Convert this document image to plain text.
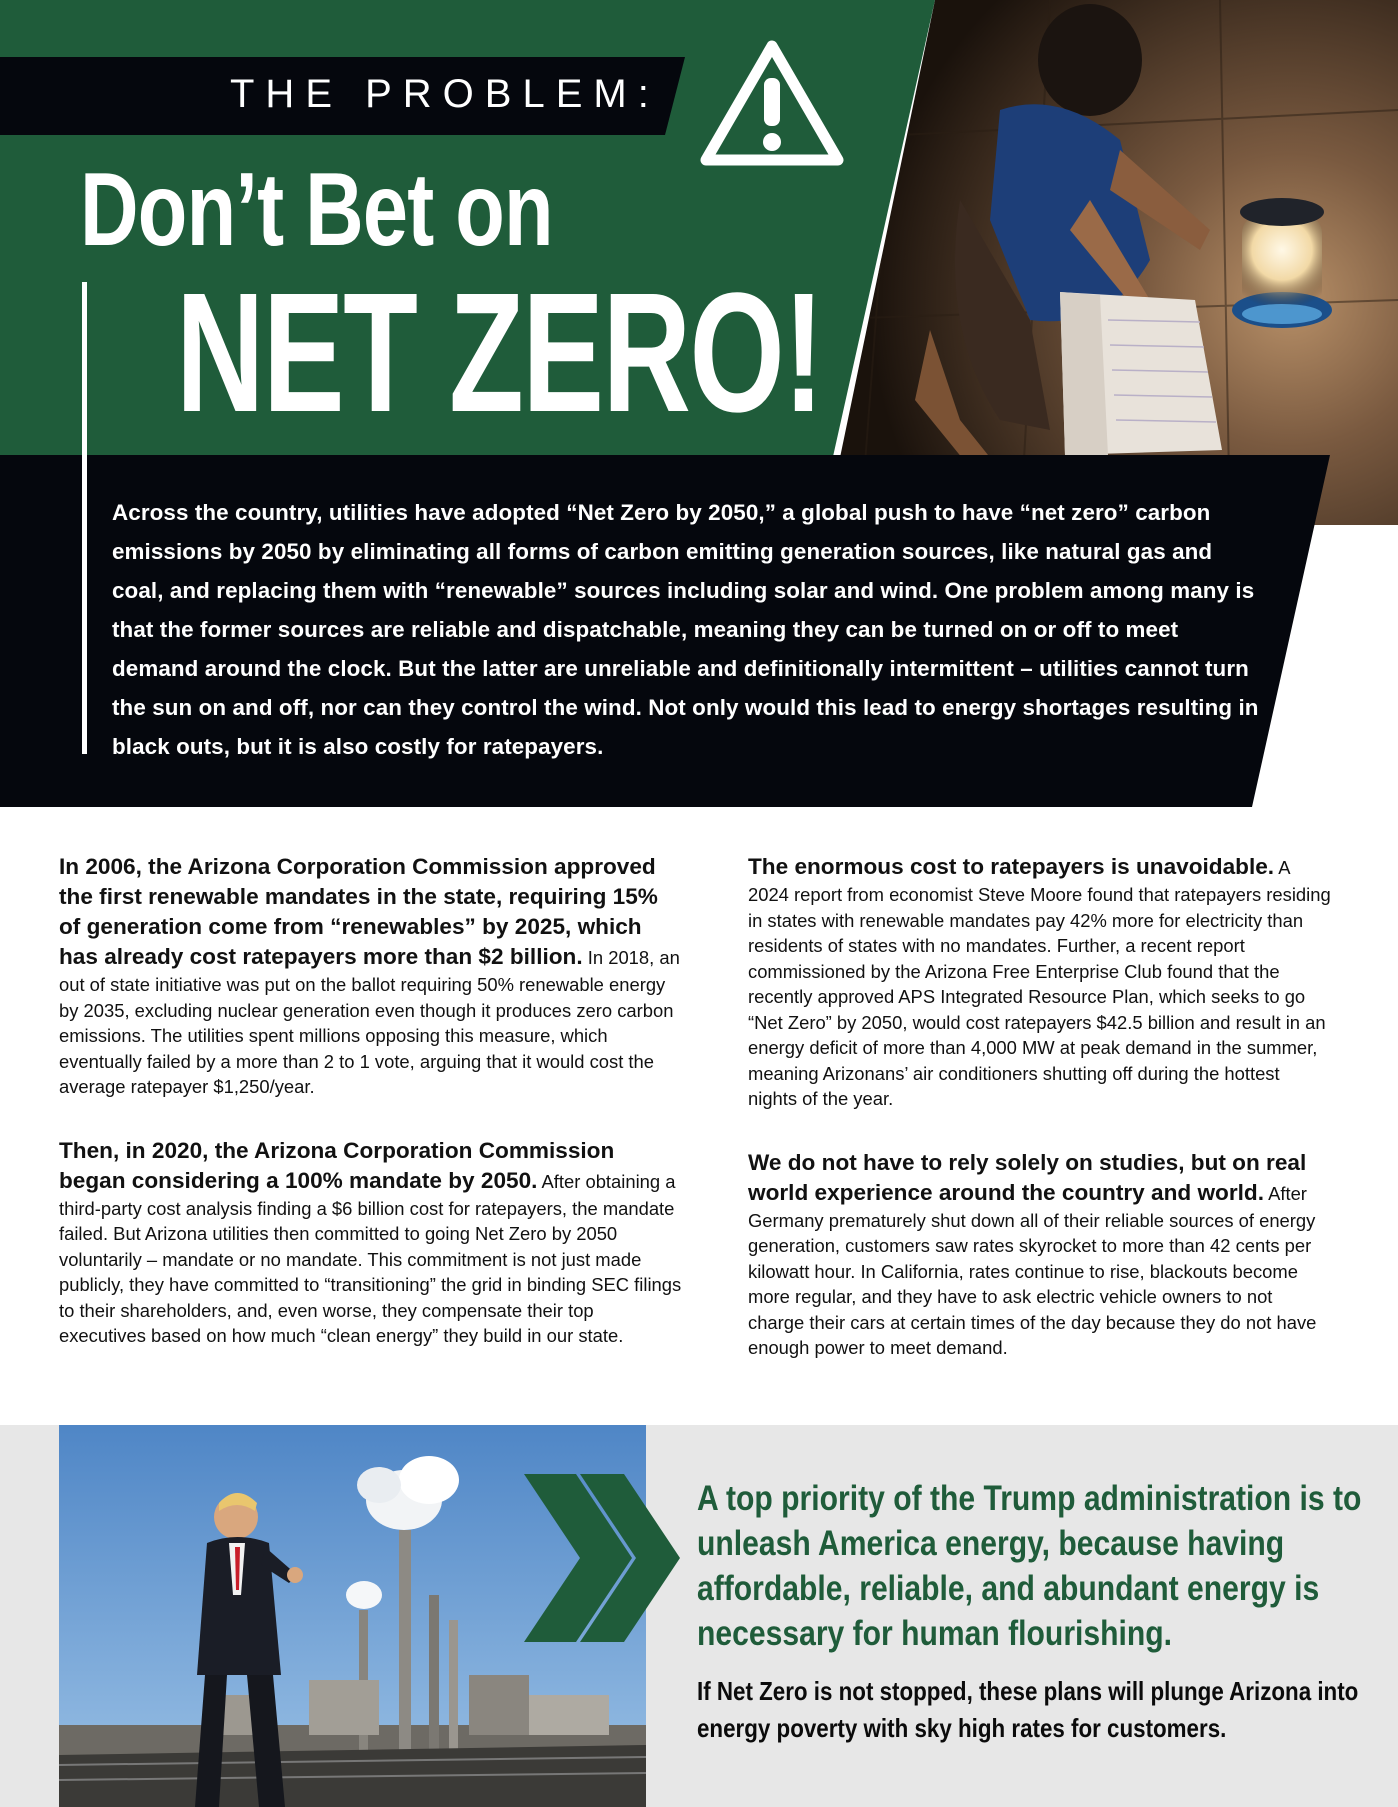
THE PROBLEM:
Don’t Bet on
NET ZERO!
Across the country, utilities have adopted “Net Zero by 2050,” a global push to have “net zero” carbon emissions by 2050 by eliminating all forms of carbon emitting generation sources, like natural gas and coal, and replacing them with “renewable” sources including solar and wind. One problem among many is that the former sources are reliable and dispatchable, meaning they can be turned on or off to meet demand around the clock. But the latter are unreliable and definitionally intermittent – utilities cannot turn the sun on and off, nor can they control the wind. Not only would this lead to energy shortages resulting in black outs, but it is also costly for ratepayers.

In 2006, the Arizona Corporation Commission approved the first renewable mandates in the state, requiring 15% of generation come from “renewables” by 2025, which has already cost ratepayers more than $2 billion. In 2018, an out of state initiative was put on the ballot requiring 50% renewable energy by 2035, excluding nuclear generation even though it produces zero carbon emissions. The utilities spent millions opposing this measure, which eventually failed by a more than 2 to 1 vote, arguing that it would cost the average ratepayer $1,250/year.

Then, in 2020, the Arizona Corporation Commission began considering a 100% mandate by 2050. After obtaining a third-party cost analysis finding a $6 billion cost for ratepayers, the mandate failed. But Arizona utilities then committed to going Net Zero by 2050 voluntarily – mandate or no mandate. This commitment is not just made publicly, they have committed to “transitioning” the grid in binding SEC filings to their shareholders, and, even worse, they compensate their top executives based on how much “clean energy” they build in our state.

The enormous cost to ratepayers is unavoidable. A 2024 report from economist Steve Moore found that ratepayers residing in states with renewable mandates pay 42% more for electricity than residents of states with no mandates. Further, a recent report commissioned by the Arizona Free Enterprise Club found that the recently approved APS Integrated Resource Plan, which seeks to go “Net Zero” by 2050, would cost ratepayers $42.5 billion and result in an energy deficit of more than 4,000 MW at peak demand in the summer, meaning Arizonans’ air conditioners shutting off during the hottest nights of the year.

We do not have to rely solely on studies, but on real world experience around the country and world. After Germany prematurely shut down all of their reliable sources of energy generation, customers saw rates skyrocket to more than 42 cents per kilowatt hour. In California, rates continue to rise, blackouts become more regular, and they have to ask electric vehicle owners to not charge their cars at certain times of the day because they do not have enough power to meet demand.

A top priority of the Trump administration is to unleash America energy, because having affordable, reliable, and abundant energy is necessary for human flourishing.
If Net Zero is not stopped, these plans will plunge Arizona into energy poverty with sky high rates for customers.
